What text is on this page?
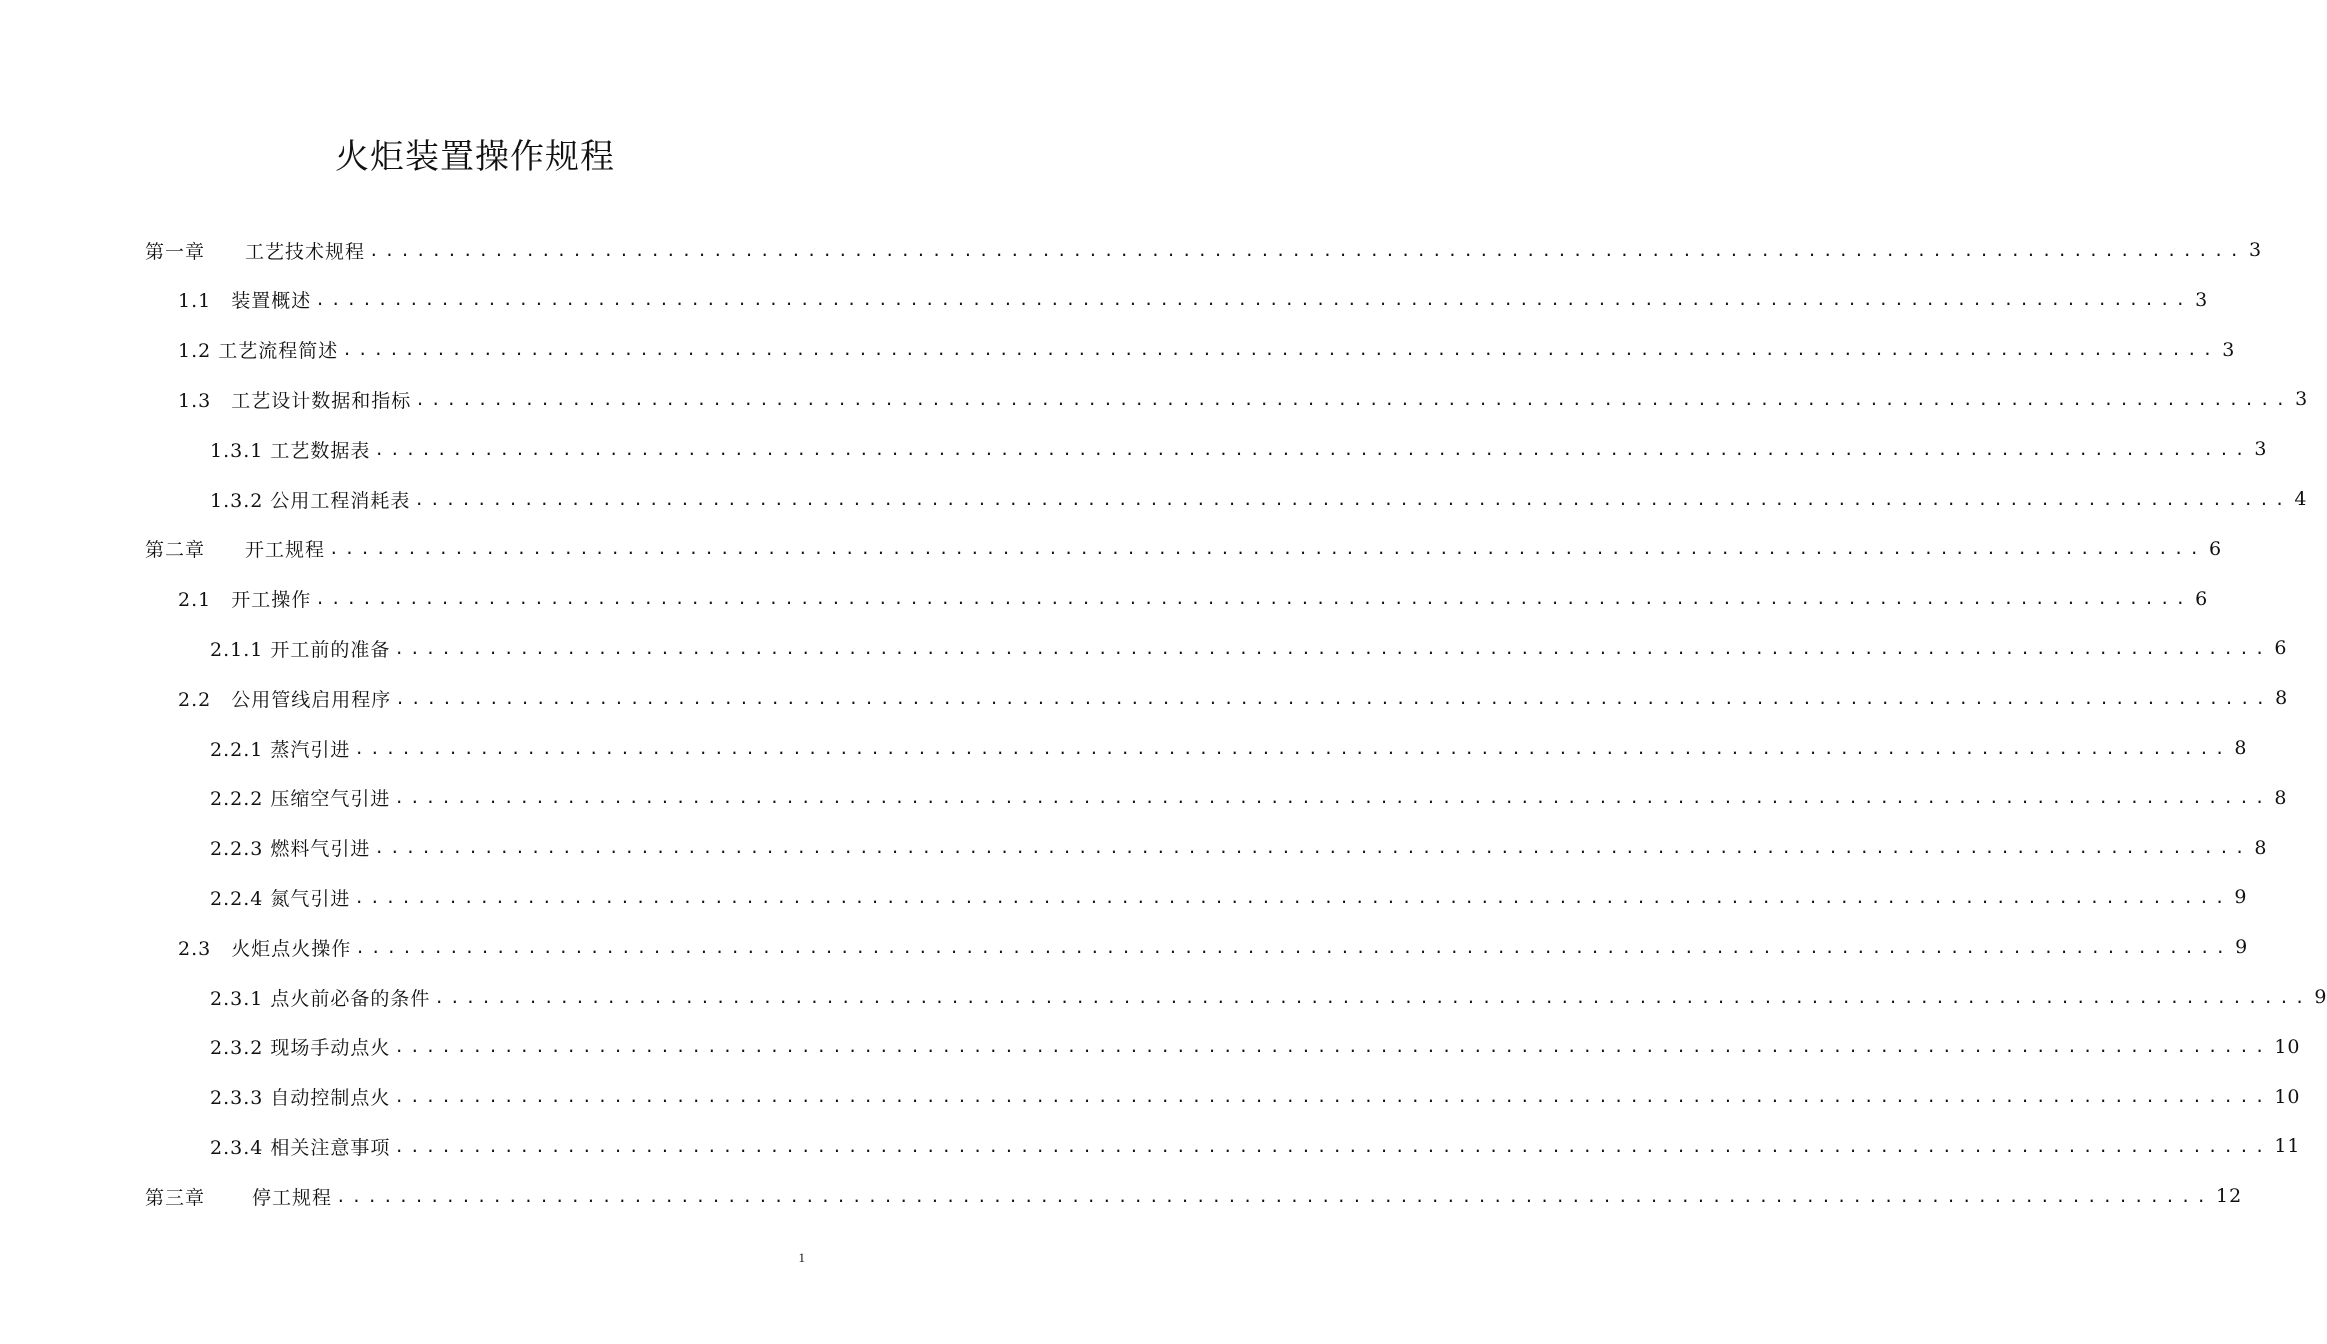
火炬装置操作规程
第一章　　工艺技术规程 ........................................................................................................................ 3
1.1　装置概述 ........................................................................................................................ 3
1.2 工艺流程简述 ........................................................................................................................ 3
1.3　工艺设计数据和指标 ........................................................................................................................ 3
1.3.1 工艺数据表 ........................................................................................................................ 3
1.3.2 公用工程消耗表 ........................................................................................................................ 4
第二章　　开工规程 ........................................................................................................................ 6
2.1　开工操作 ........................................................................................................................ 6
2.1.1 开工前的准备 ........................................................................................................................ 6
2.2　公用管线启用程序 ........................................................................................................................ 8
2.2.1 蒸汽引进 ........................................................................................................................ 8
2.2.2 压缩空气引进 ........................................................................................................................ 8
2.2.3 燃料气引进 ........................................................................................................................ 8
2.2.4 氮气引进 ........................................................................................................................ 9
2.3　火炬点火操作 ........................................................................................................................ 9
2.3.1 点火前必备的条件 ........................................................................................................................ 9
2.3.2 现场手动点火 ........................................................................................................................ 10
2.3.3 自动控制点火 ........................................................................................................................ 10
2.3.4 相关注意事项 ........................................................................................................................ 11
第三章　　 停工规程 ........................................................................................................................ 12
1
